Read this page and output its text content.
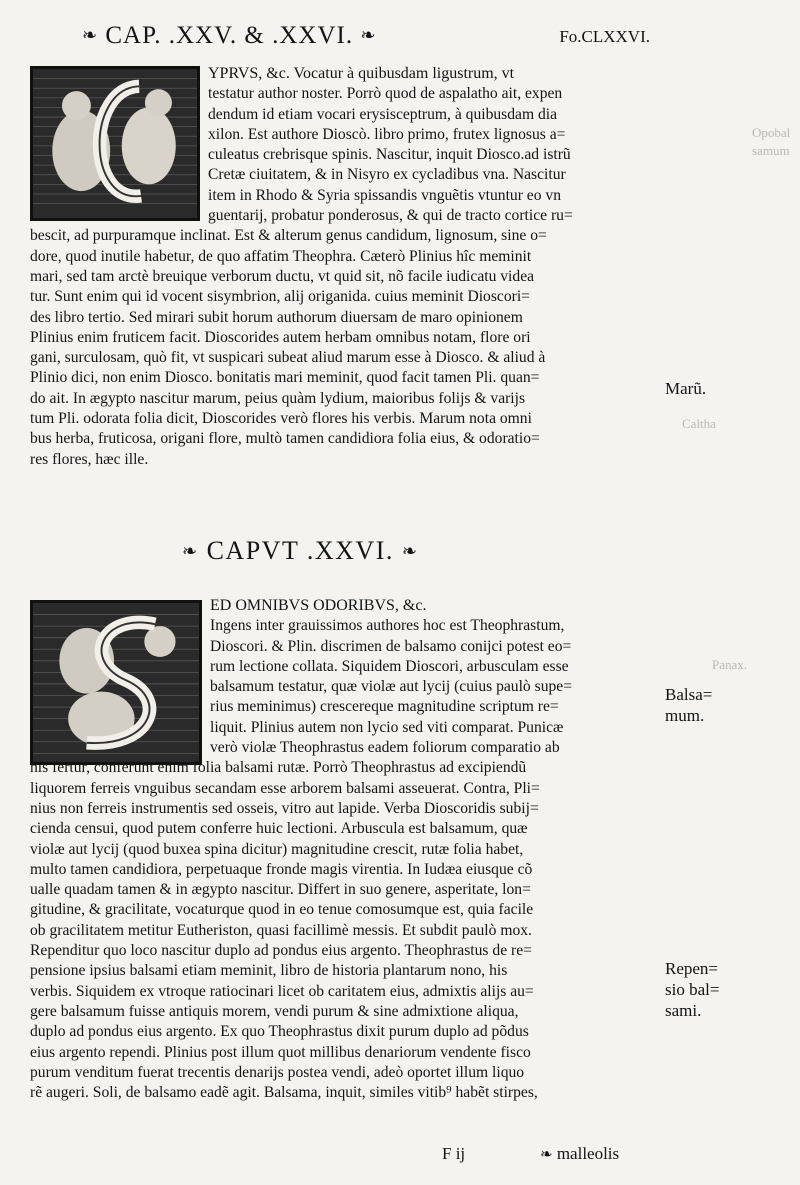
Opobal
samum
Caltha
Panax.
❧ CAP. .XXV. & .XXVI. ❧	Fo.CLXXVI.
YPRVS, &c. Vocatur à quibusdam ligustrum, vt
testatur author noster. Porrò quod de aspalatho ait, expen
dendum id etiam vocari erysisceptrum, à quibusdam dia
xilon. Est authore Dioscò. libro primo, frutex lignosus a=
culeatus crebrisque spinis. Nascitur, inquit Diosco.ad istrũ
Cretæ ciuitatem, & in Nisyro ex cycladibus vna. Nascitur
item in Rhodo & Syria spissandis vnguẽtis vtuntur eo vn
guentarij, probatur ponderosus, & qui de tracto cortice ru=
bescit, ad purpuramque inclinat. Est & alterum genus candidum, lignosum, sine o=
dore, quod inutile habetur, de quo affatim Theophra. Cæterò Plinius hîc meminit
mari, sed tam arctè breuique verborum ductu, vt quid sit, nõ facile iudicatu videa
tur. Sunt enim qui id vocent sisymbrion, alij origanida. cuius meminit Dioscori=
des libro tertio. Sed mirari subit horum authorum diuersam de maro opinionem
Plinius enim fruticem facit. Dioscorides autem herbam omnibus notam, flore ori
gani, surculosam, quò fit, vt suspicari subeat aliud marum esse à Diosco. & aliud à
Plinio dici, non enim Diosco. bonitatis mari meminit, quod facit tamen Pli. quan=
do ait. In ægypto nascitur marum, peius quàm lydium, maioribus folijs & varijs
tum Pli. odorata folia dicit, Dioscorides verò flores his verbis. Marum nota omni
bus herba, fruticosa, origani flore, multò tamen candidiora folia eius, & odoratio=
res flores, hæc ille.
Marũ.
❧ CAPVT .XXVI. ❧
ED OMNIBVS ODORIBVS, &c.
Ingens inter grauissimos authores hoc est Theophrastum,
Dioscori. & Plin. discrimen de balsamo conijci potest eo=
rum lectione collata. Siquidem Dioscori, arbusculam esse
balsamum testatur, quæ violæ aut lycij (cuius paulò supe=
rius meminimus) crescereque magnitudine scriptum re=
liquit. Plinius autem non lycio sed viti comparat. Punicæ
verò violæ Theophrastus eadem foliorum comparatio ab
his fertur, conferunt enim folia balsami rutæ. Porrò Theophrastus ad excipiendũ
liquorem ferreis vnguibus secandam esse arborem balsami asseuerat. Contra, Pli=
nius non ferreis instrumentis sed osseis, vitro aut lapide. Verba Dioscoridis subij=
cienda censui, quod putem conferre huic lectioni. Arbuscula est balsamum, quæ
violæ aut lycij (quod buxea spina dicitur) magnitudine crescit, rutæ folia habet,
multo tamen candidiora, perpetuaque fronde magis virentia. In Iudæa eiusque cõ
ualle quadam tamen & in ægypto nascitur. Differt in suo genere, asperitate, lon=
gitudine, & gracilitate, vocaturque quod in eo tenue comosumque est, quia facile
ob gracilitatem metitur Eutheriston, quasi facillimè messis. Et subdit paulò mox.
Rependitur quo loco nascitur duplo ad pondus eius argento. Theophrastus de re=
pensione ipsius balsami etiam meminit, libro de historia plantarum nono, his
verbis. Siquidem ex vtroque ratiocinari licet ob caritatem eius, admixtis alijs au=
gere balsamum fuisse antiquis morem, vendi purum & sine admixtione aliqua,
duplo ad pondus eius argento. Ex quo Theophrastus dixit purum duplo ad põdus
eius argento rependi. Plinius post illum quot millibus denariorum vendente fisco
purum venditum fuerat trecentis denarijs postea vendi, adeò oportet illum liquo
rẽ augeri. Soli, de balsamo eadẽ agit. Balsama, inquit, similes vitib⁹ habẽt stirpes,
Balsa=
mum.
Repen=
sio bal=
sami.
F ij	❧ malleolis
